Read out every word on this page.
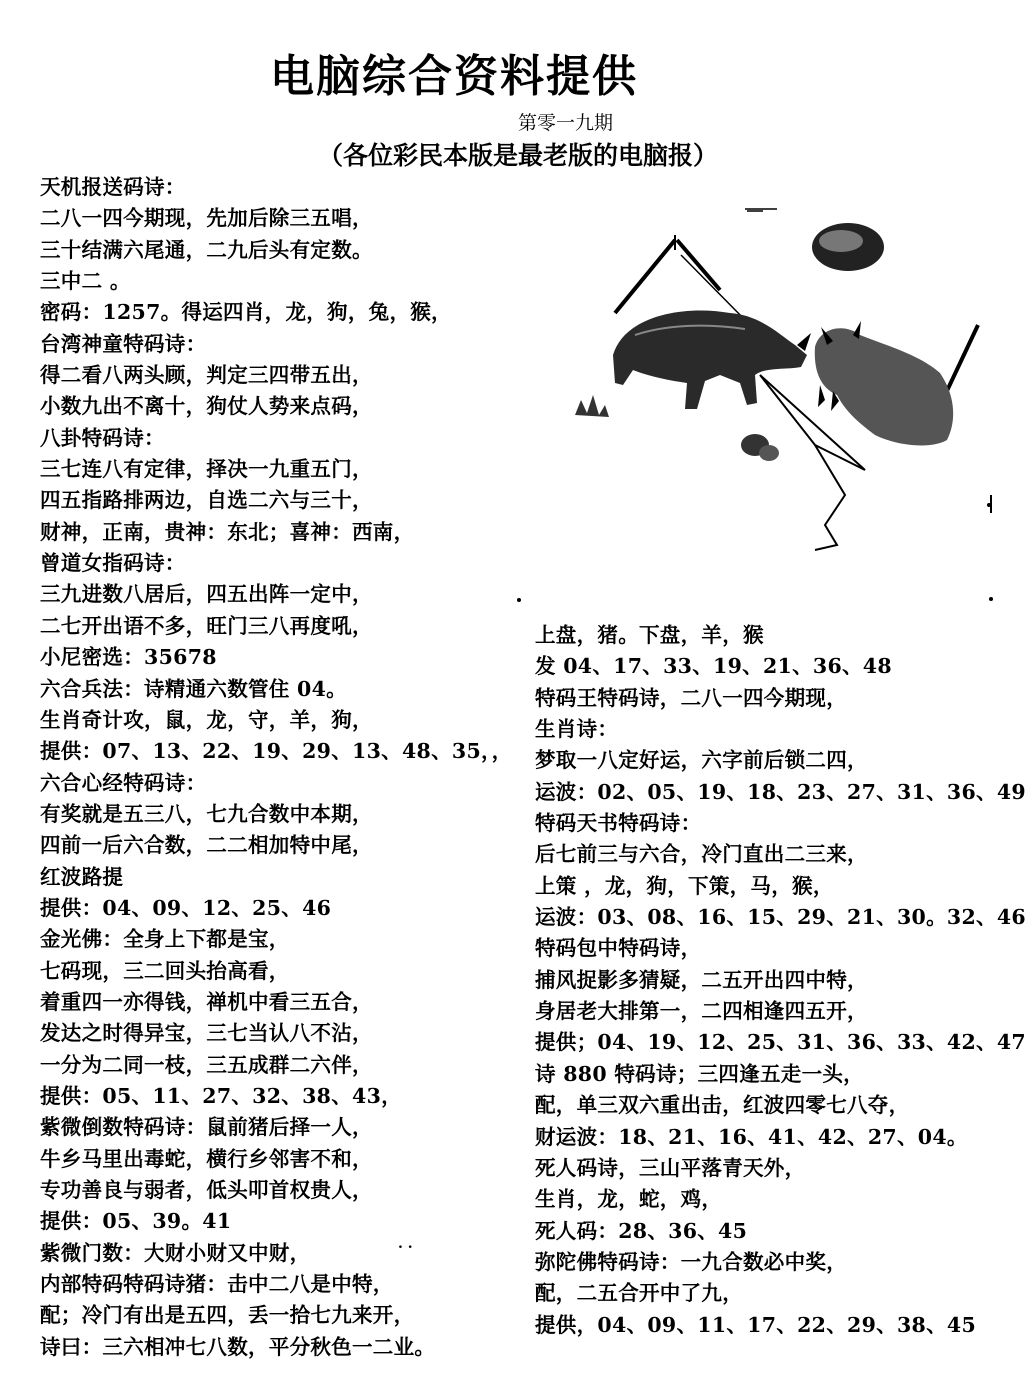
电脑综合资料提供
第零一九期
（各位彩民本版是最老版的电脑报）
天机报送码诗：
二八一四今期现，先加后除三五唱，
三十结满六尾通，二九后头有定数。
三中二 。
密码：1257。得运四肖，龙，狗，兔，猴，
台湾神童特码诗：
得二看八两头顾，判定三四带五出，
小数九出不离十，狗仗人势来点码，
八卦特码诗：
三七连八有定律，择决一九重五门，
四五指路排两边，自选二六与三十，
财神，正南，贵神：东北；喜神：西南，
曾道女指码诗：
三九进数八居后，四五出阵一定中，
二七开出语不多，旺门三八再度吼，
小尼密选：35678
六合兵法：诗精通六数管住 04。
生肖奇计攻，鼠，龙，守，羊，狗，
提供：07、13、22、19、29、13、48、35，，
六合心经特码诗：
有奖就是五三八，七九合数中本期，
四前一后六合数，二二相加特中尾，
红波路提
提供：04、09、12、25、46
金光佛：全身上下都是宝，
七码现，三二回头抬高看，
着重四一亦得钱，禅机中看三五合，
发达之时得异宝，三七当认八不沾，
一分为二同一枝，三五成群二六伴，
提供：05、11、27、32、38、43，
紫微倒数特码诗：鼠前猪后择一人，
牛乡马里出毒蛇，横行乡邻害不和，
专功善良与弱者，低头叩首权贵人，
提供：05、39。41
紫微门数：大财小财又中财，
内部特码特码诗猪：击中二八是中特，
配；冷门有出是五四，丢一拾七九来开，
诗曰：三六相冲七八数，平分秋色一二业。
上盘，猪。下盘，羊，猴
发 04、17、33、19、21、36、48
特码王特码诗，二八一四今期现，
生肖诗：
梦取一八定好运，六字前后锁二四，
运波：02、05、19、18、23、27、31、36、49
特码天书特码诗：
后七前三与六合，冷门直出二三来，
上策 ，龙，狗，下策，马，猴，
运波：03、08、16、15、29、21、30。32、46
特码包中特码诗，
捕风捉影多猜疑，二五开出四中特，
身居老大排第一，二四相逢四五开，
提供；04、19、12、25、31、36、33、42、47
诗 880 特码诗；三四逢五走一头，
配，单三双六重出击，红波四零七八夺，
财运波：18、21、16、41、42、27、04。
死人码诗，三山平落青天外，
生肖，龙，蛇，鸡，
死人码：28、36、45
弥陀佛特码诗：一九合数必中奖，
配，二五合开中了九，
提供，04、09、11、17、22、29、38、45
. .
